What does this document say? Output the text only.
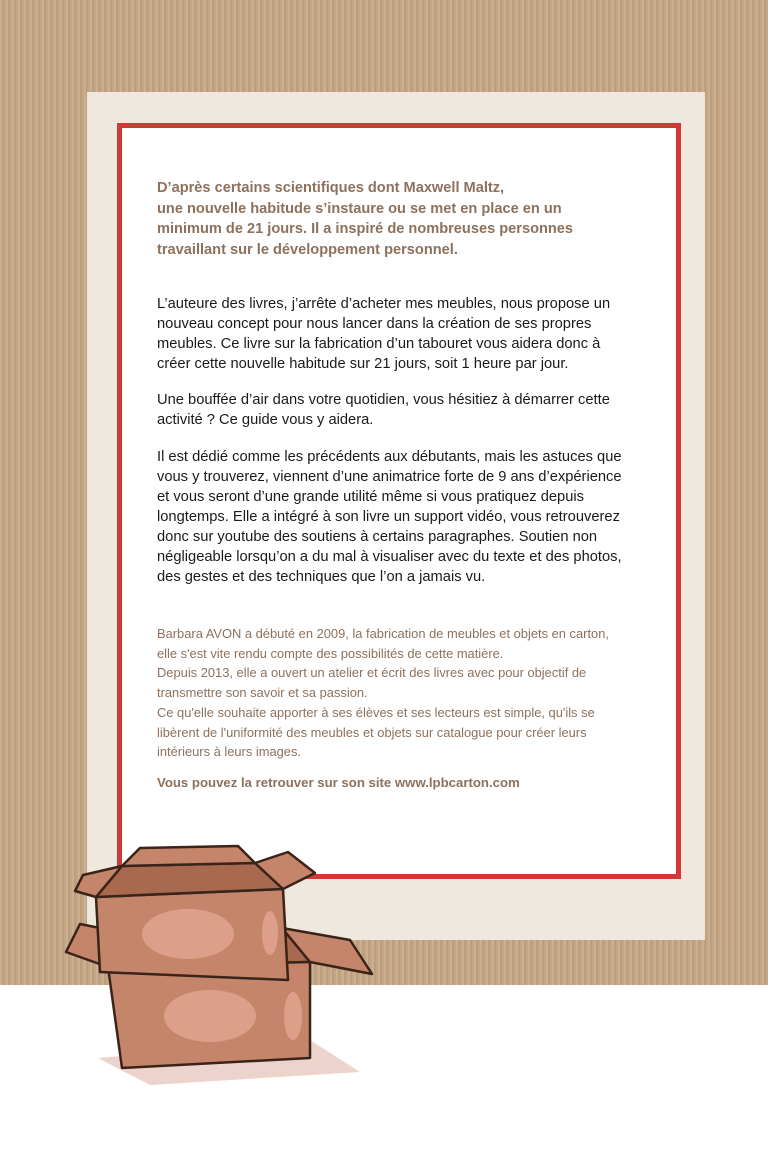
D’après certains scientifiques dont Maxwell Maltz,
une nouvelle habitude s’instaure ou se met en place en un
minimum de 21 jours. Il a inspiré de nombreuses personnes
travaillant sur le développement personnel.

L’auteure des livres, j’arrête d’acheter mes meubles, nous propose un
nouveau concept pour nous lancer dans la création de ses propres
meubles. Ce livre sur la fabrication d’un tabouret vous aidera donc à
créer cette nouvelle habitude sur 21 jours, soit 1 heure par jour.

Une bouffée d’air dans votre quotidien, vous hésitiez à démarrer cette
activité ? Ce guide vous y aidera.

Il est dédié comme les précédents aux débutants, mais les astuces que
vous y trouverez, viennent d’une animatrice forte de 9 ans d’expérience
et vous seront d’une grande utilité même si vous pratiquez depuis
longtemps. Elle a intégré à son livre un support vidéo, vous retrouverez
donc sur youtube des soutiens à certains paragraphes. Soutien non
négligeable lorsqu’on a du mal à visualiser avec du texte et des photos,
des gestes et des techniques que l’on a jamais vu.

Barbara AVON a débuté en 2009, la fabrication de meubles et objets en carton,
elle s'est vite rendu compte des possibilités de cette matière.
Depuis 2013, elle a ouvert un atelier et écrit des livres avec pour objectif de
transmettre son savoir et sa passion.
Ce qu'elle souhaite apporter à ses élèves et ses lecteurs est simple, qu'ils se
libèrent de l'uniformité des meubles et objets sur catalogue pour créer leurs
intérieurs à leurs images.

Vous pouvez la retrouver sur son site www.lpbcarton.com
